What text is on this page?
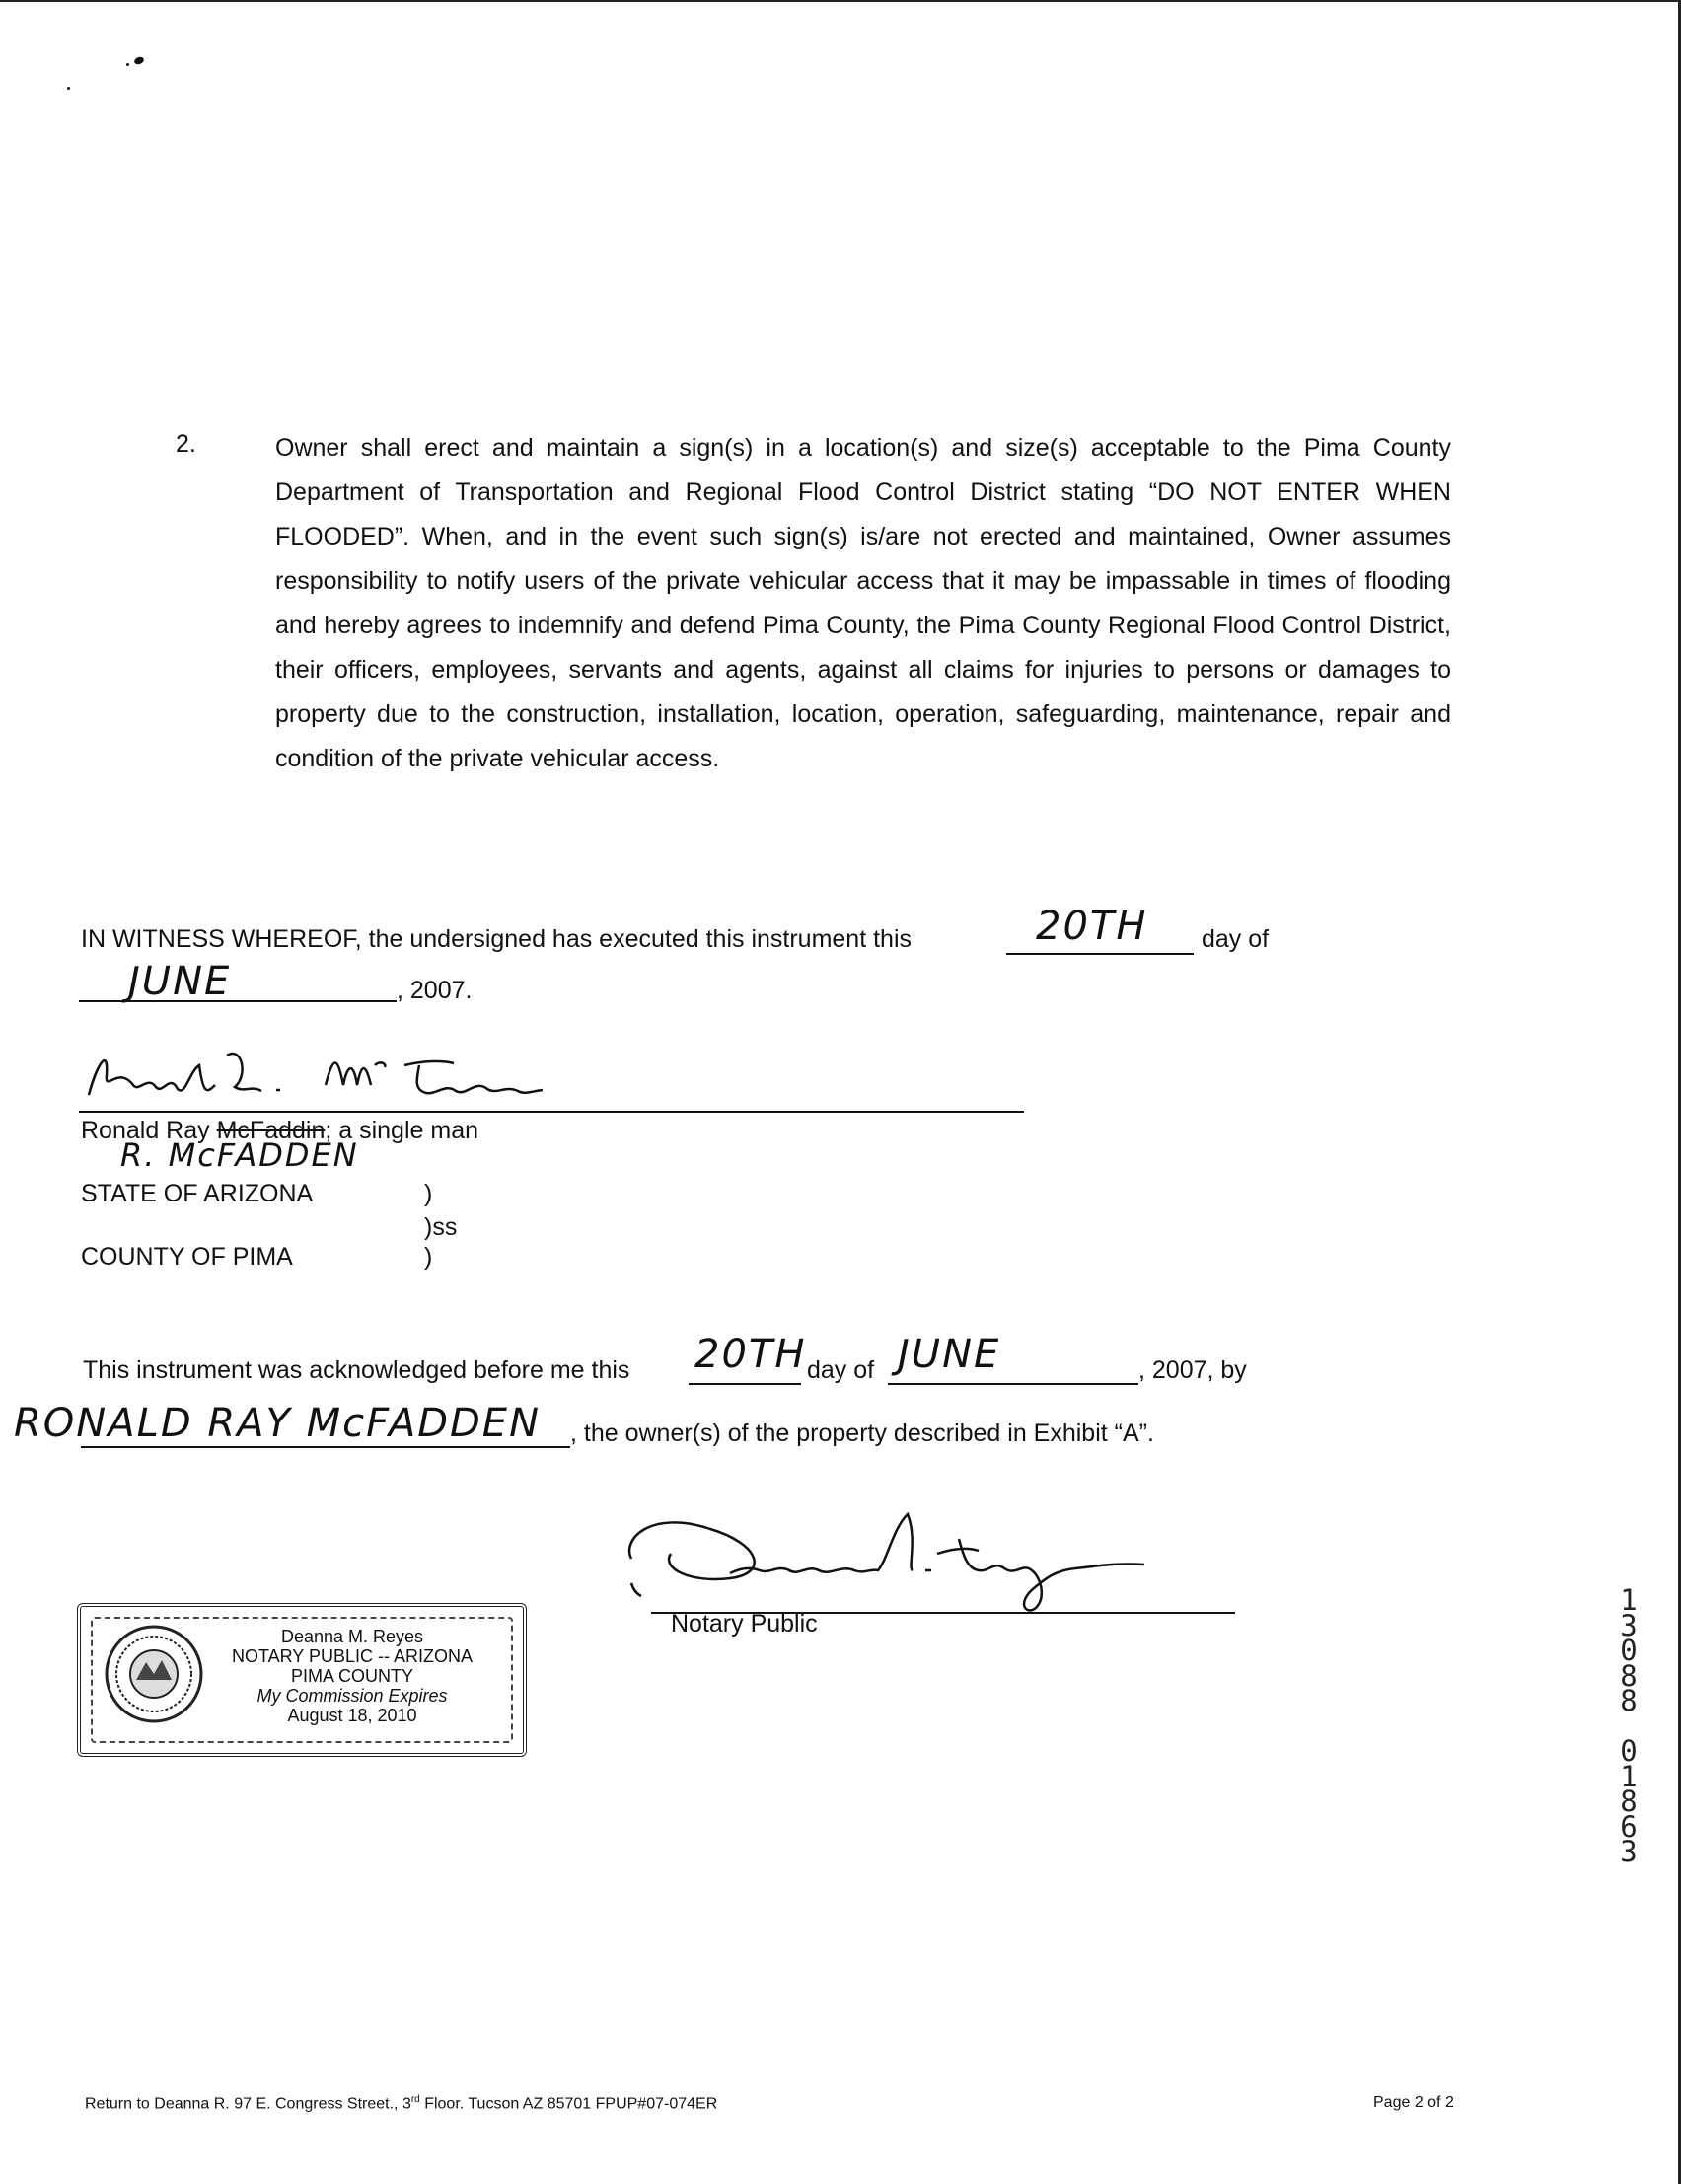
2.	Owner shall erect and maintain a sign(s) in a location(s) and size(s) acceptable to the Pima County Department of Transportation and Regional Flood Control District stating “DO NOT ENTER WHEN FLOODED”. When, and in the event such sign(s) is/are not erected and maintained, Owner assumes responsibility to notify users of the private vehicular access that it may be impassable in times of flooding and hereby agrees to indemnify and defend Pima County, the Pima County Regional Flood Control District, their officers, employees, servants and agents, against all claims for injuries to persons or damages to property due to the construction, installation, location, operation, safeguarding, maintenance, repair and condition of the private vehicular access.
IN WITNESS WHEREOF, the undersigned has executed this instrument this	20TH day of
JUNE	, 2007.
Ronald Ray McFaddin; a single man
R. McFADDEN
STATE OF ARIZONA	)
)ss
COUNTY OF PIMA	)
This instrument was acknowledged before me this 20TH day of JUNE	, 2007, by
RONALD RAY McFADDEN , the owner(s) of the property described in Exhibit “A”.
Notary Public
Deanna M. Reyes
NOTARY PUBLIC -- ARIZONA
PIMA COUNTY
My Commission Expires
August 18, 2010
1
3
0
8
8
0
1
8
6
3
Return to Deanna R. 97 E. Congress Street., 3rd Floor. Tucson AZ 85701 FPUP#07-074ER	Page 2 of 2
